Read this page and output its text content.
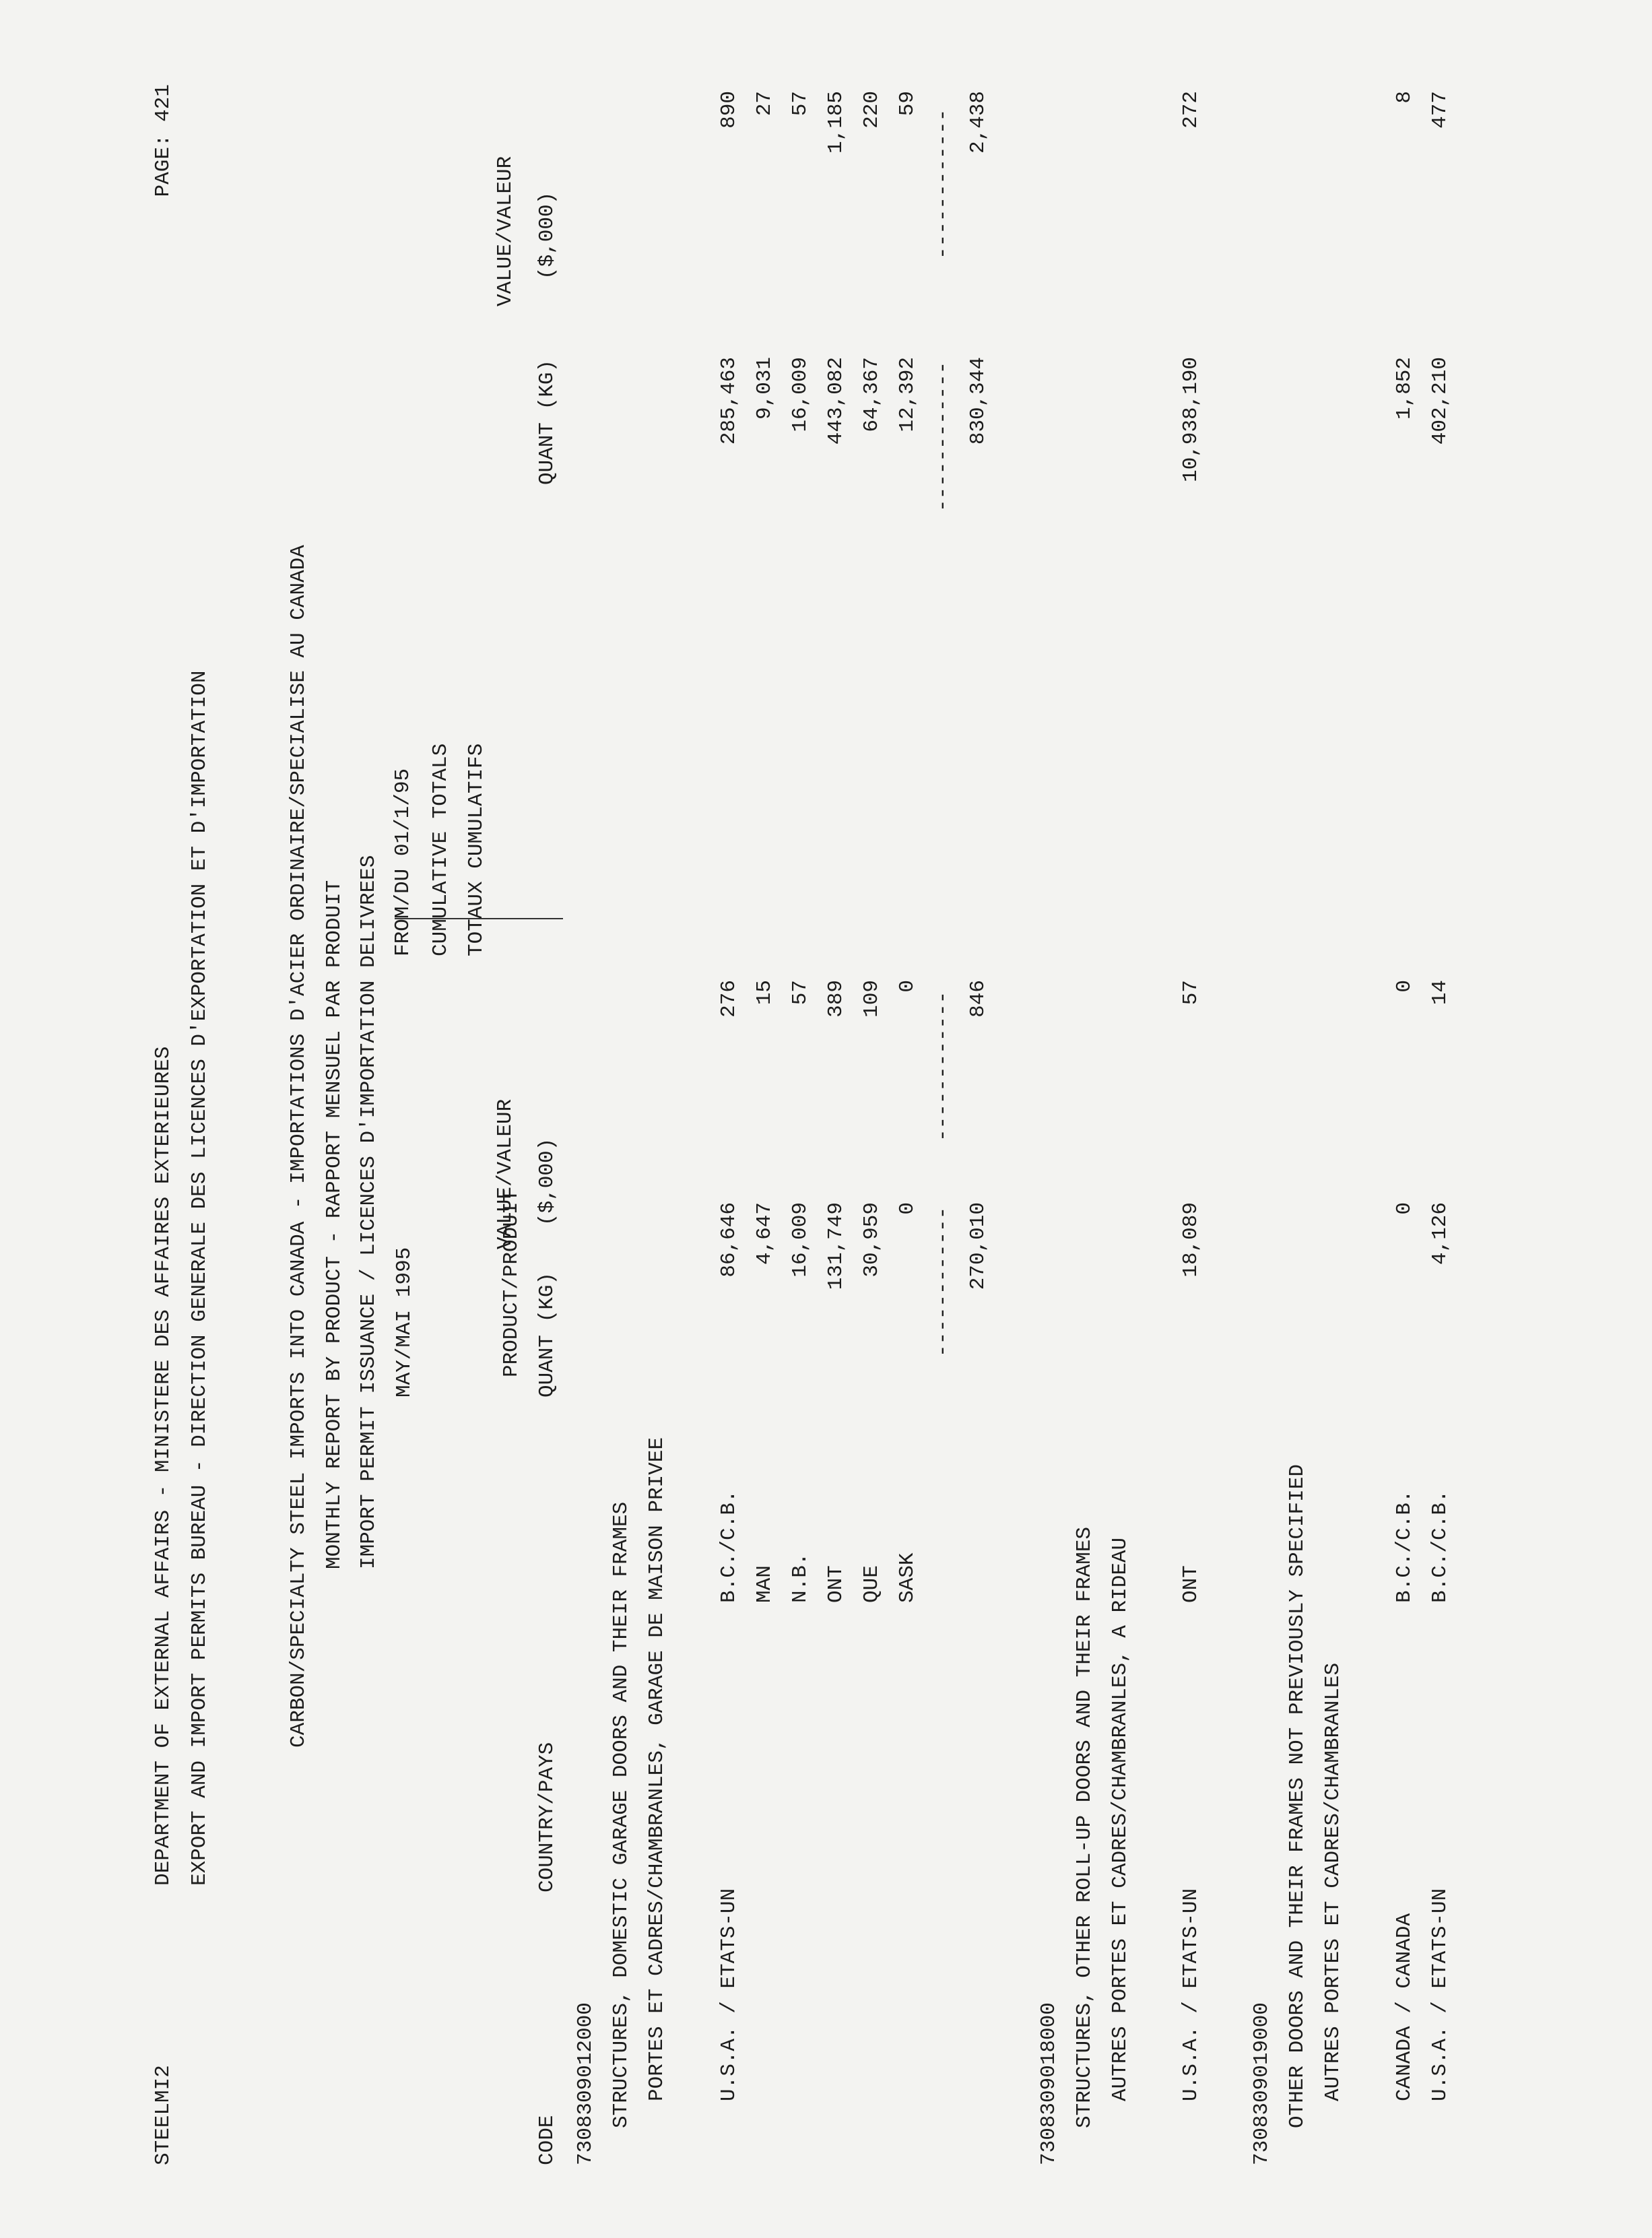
STEELMI2
DEPARTMENT OF EXTERNAL AFFAIRS - MINISTERE DES AFFAIRES EXTERIEURES
PAGE: 421
EXPORT AND IMPORT PERMITS BUREAU - DIRECTION GENERALE DES LICENCES D'EXPORTATION ET D'IMPORTATION	CARBON/SPECIALTY STEEL IMPORTS INTO CANADA - IMPORTATIONS D'ACIER ORDINAIRE/SPECIALISE AU CANADA MONTHLY REPORT BY PRODUCT - RAPPORT MENSUEL PAR PRODUIT IMPORT PERMIT ISSUANCE / LICENCES D'IMPORTATION DELIVREES MAY/MAI 1995
FROM/DU 01/1/95 CUMULATIVE TOTALS TOTAUX CUMULATIFS
VALUE/VALEUR
VALUE/VALEUR
PRODUCT/PRODUIT
CODE
COUNTRY/PAYS
QUANT (KG)
($,000)
QUANT (KG)
($,000)
7308309012000 STRUCTURES, DOMESTIC GARAGE DOORS AND THEIR FRAMES PORTES ET CADRES/CHAMBRANLES, GARAGE DE MAISON PRIVEE U.S.A. / ETATS-UN
B.C./C.B.
86,646
276
285,463
890
MAN
4,647
15
9,031
27
N.B.
16,009
57
16,009
57
ONT
131,749
389
443,082
1,185
QUE
30,959
109
64,367
220
SASK
0
0
12,392
59
------------
------------
------------
------------
270,010
846
830,344
2,438
7308309018000 STRUCTURES, OTHER ROLL-UP DOORS AND THEIR FRAMES AUTRES PORTES ET CADRES/CHAMBRANLES, A RIDEAU U.S.A. / ETATS-UN
ONT
18,089
57
10,938,190
272
7308309019000 OTHER DOORS AND THEIR FRAMES NOT PREVIOUSLY SPECIFIED AUTRES PORTES ET CADRES/CHAMBRANLES CANADA / CANADA
B.C./C.B.
0
0
1,852
8
U.S.A. / ETATS-UN
B.C./C.B.
4,126
14
402,210
477
